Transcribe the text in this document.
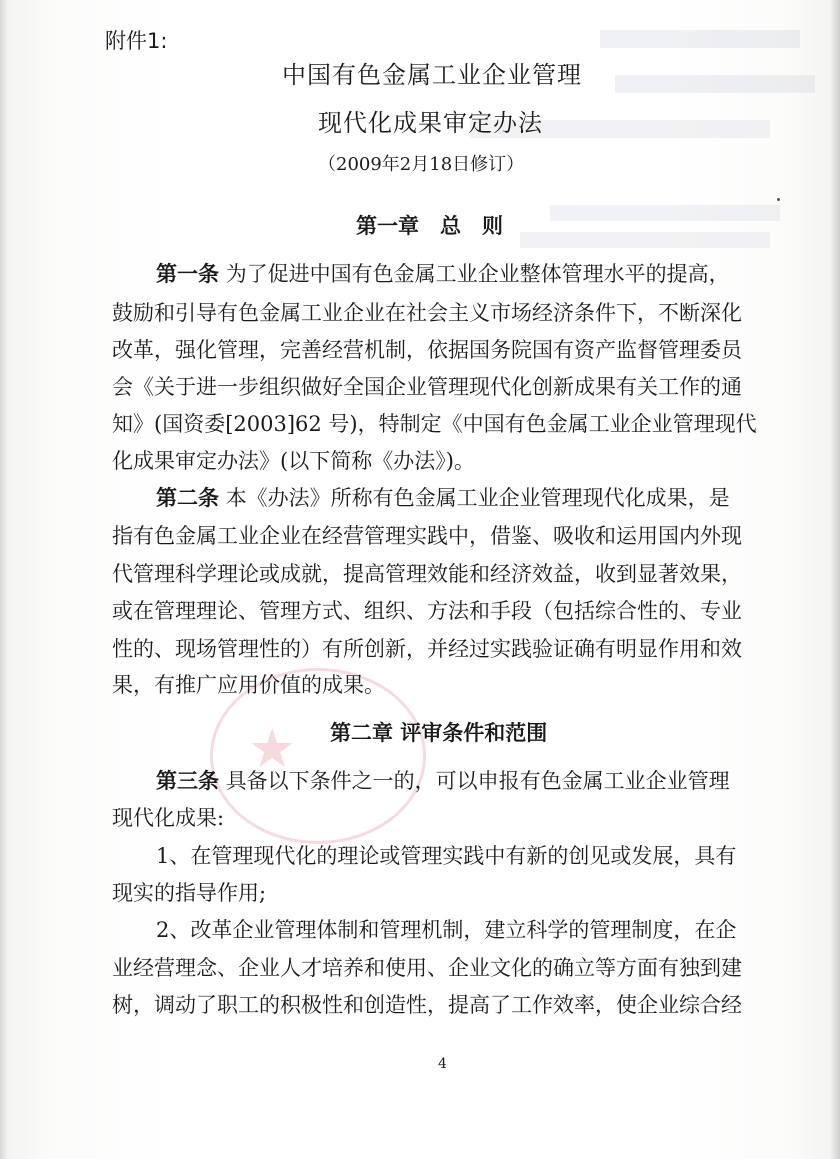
★
附件1:
中国有色金属工业企业管理
现代化成果审定办法
（2009年2月18日修订）
第一章　总　则
第一条 为了促进中国有色金属工业企业整体管理水平的提高，
鼓励和引导有色金属工业企业在社会主义市场经济条件下，不断深化
改革，强化管理，完善经营机制，依据国务院国有资产监督管理委员
会《关于进一步组织做好全国企业管理现代化创新成果有关工作的通
知》(国资委[2003]62 号)，特制定《中国有色金属工业企业管理现代
化成果审定办法》(以下简称《办法》)。
第二条 本《办法》所称有色金属工业企业管理现代化成果，是
指有色金属工业企业在经营管理实践中，借鉴、吸收和运用国内外现
代管理科学理论或成就，提高管理效能和经济效益，收到显著效果，
或在管理理论、管理方式、组织、方法和手段（包括综合性的、专业
性的、现场管理性的）有所创新，并经过实践验证确有明显作用和效
果，有推广应用价值的成果。
第二章 评审条件和范围
第三条 具备以下条件之一的，可以申报有色金属工业企业管理
现代化成果:
1、在管理现代化的理论或管理实践中有新的创见或发展，具有
现实的指导作用;
2、改革企业管理体制和管理机制，建立科学的管理制度，在企
业经营理念、企业人才培养和使用、企业文化的确立等方面有独到建
树，调动了职工的积极性和创造性，提高了工作效率，使企业综合经
4
